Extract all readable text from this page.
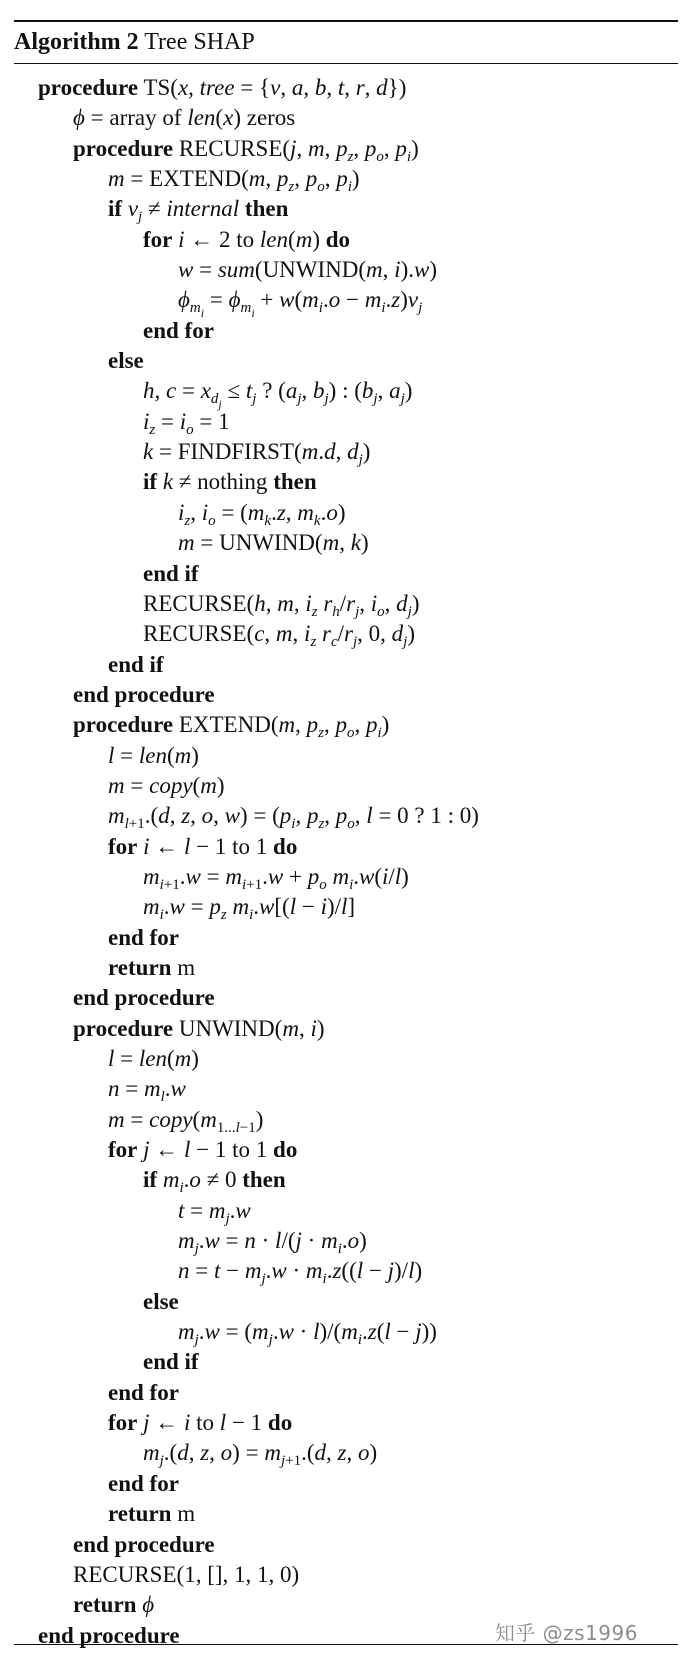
Algorithm 2 Tree SHAP
procedure TS(x, tree = {v, a, b, t, r, d})
ϕ = array of len(x) zeros
procedure RECURSE(j, m, $p_z$, $p_o$, $p_i$)
m = EXTEND(m, $p_z$, $p_o$, $p_i$)
if $v_j$ ≠ internal then
for i ← 2 to len(m) do
w = sum(UNWIND(m, i).w)
$\phi_{m_i} = \phi_{m_i} + w(m_i.o - m_i.z)v_j$
end for
else
h, $c = x_{d_j} \le t_j$ ? ($a_j$, $b_j$) : ($b_j$, $a_j$)
$i_z = i_o = 1$
k = FINDFIRST(m.d, $d_j$)
if k ≠ nothing then
$i_z$, $i_o = (m_k.z$, $m_k.o$)
m = UNWIND(m, k)
end if
RECURSE(h, m, $i_z$ $r_h/r_j$, $i_o$, $d_j$)
RECURSE(c, m, $i_z$ $r_c/r_j$, 0, $d_j$)
end if
end procedure
procedure EXTEND(m, $p_z$, $p_o$, $p_i$)
l = len(m)
m = copy(m)
$m_{l+1}.(d$, z, o, $w) = (p_i$, $p_z$, $p_o$, l = 0 ? 1 : 0)
for i ← l − 1 to 1 do
$m_{i+1}.w = m_{i+1}.w + p_o$ $m_i.w(i/l)$
$m_i.w = p_z$ $m_i.w[(l - i)/l]$
end for
return m
end procedure
procedure UNWIND(m, i)
l = len(m)
$n = m_l.w$
$m = copy(m_{1...l-1})$
for j ← l − 1 to 1 do
if $m_i.o \ne 0$ then
$t = m_j.w$
$m_j.w = n \cdot l/(j \cdot m_i.o)$
$n = t - m_j.w \cdot m_i.z((l - j)/l)$
else
$m_j.w = (m_j.w \cdot l)/(m_i.z(l - j))$
end if
end for
for j ← i to l − 1 do
$m_j.(d$, z, $o) = m_{j+1}.(d$, z, o)
end for
return m
end procedure
RECURSE(1, [], 1, 1, 0)
return ϕ
end procedure	知乎 @zs1996
